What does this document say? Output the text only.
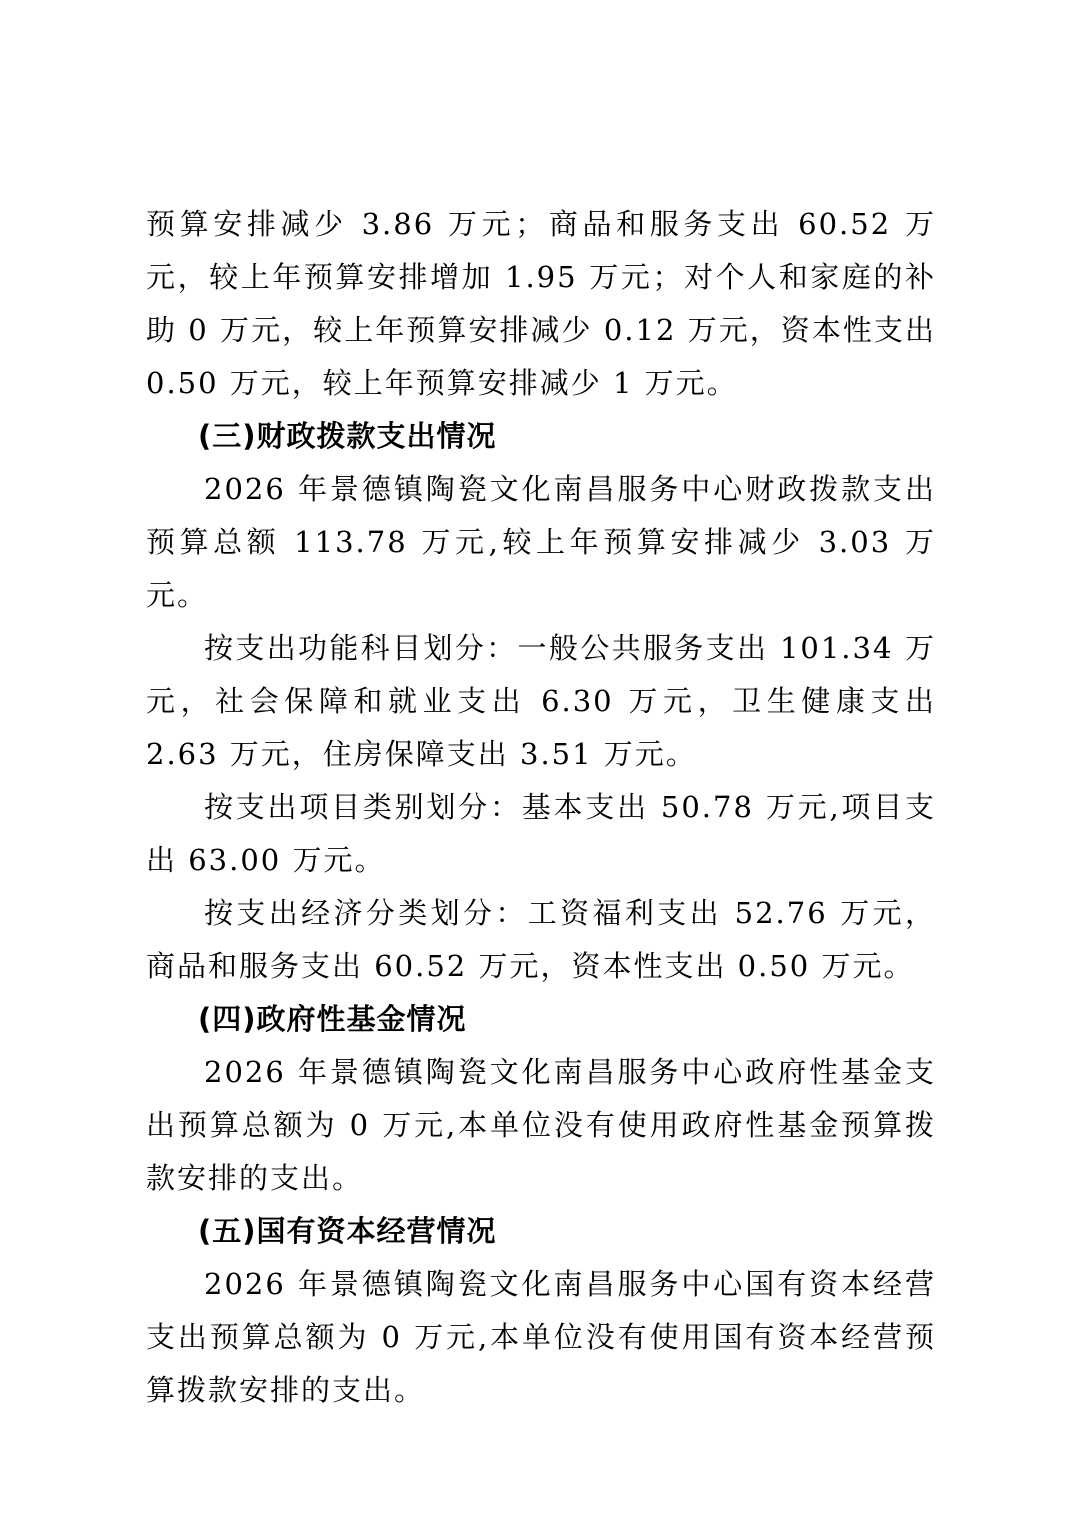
预算安排减少 3.86 万元；商品和服务支出 60.52 万元，较上年预算安排增加 1.95 万元；对个人和家庭的补助 0 万元，较上年预算安排减少 0.12 万元，资本性支出 0.50 万元，较上年预算安排减少 1 万元。

(三)财政拨款支出情况

2026 年景德镇陶瓷文化南昌服务中心财政拨款支出预算总额 113.78 万元,较上年预算安排减少 3.03 万元。

按支出功能科目划分：一般公共服务支出 101.34 万元，社会保障和就业支出 6.30 万元，卫生健康支出 2.63 万元，住房保障支出 3.51 万元。

按支出项目类别划分：基本支出 50.78 万元,项目支出 63.00 万元。

按支出经济分类划分：工资福利支出 52.76 万元，商品和服务支出 60.52 万元，资本性支出 0.50 万元。

(四)政府性基金情况

2026 年景德镇陶瓷文化南昌服务中心政府性基金支出预算总额为 0 万元,本单位没有使用政府性基金预算拨款安排的支出。

(五)国有资本经营情况

2026 年景德镇陶瓷文化南昌服务中心国有资本经营支出预算总额为 0 万元,本单位没有使用国有资本经营预算拨款安排的支出。
